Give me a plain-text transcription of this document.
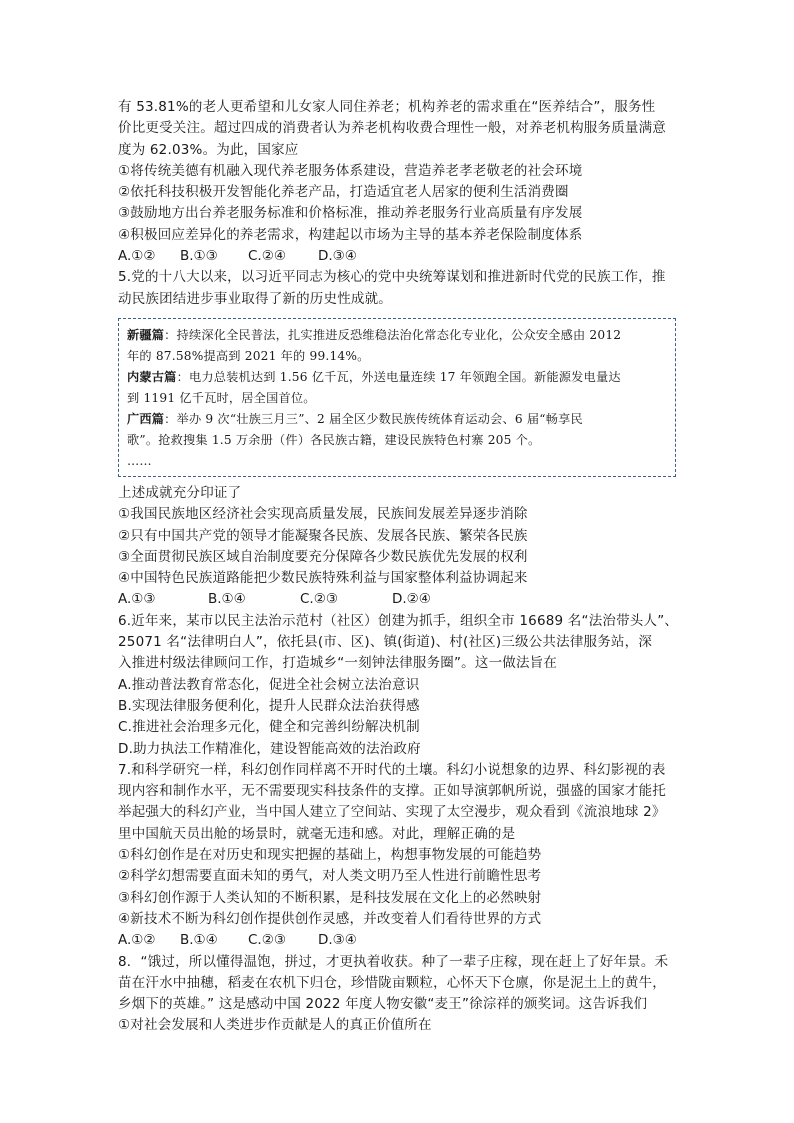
有 53.81%的老人更希望和儿女家人同住养老；机构养老的需求重在“医养结合”，服务性
价比更受关注。超过四成的消费者认为养老机构收费合理性一般，对养老机构服务质量满意
度为 62.03%。为此，国家应
①将传统美德有机融入现代养老服务体系建设，营造养老孝老敬老的社会环境
②依托科技积极开发智能化养老产品，打造适宜老人居家的便利生活消费圈
③鼓励地方出台养老服务标准和价格标准，推动养老服务行业高质量有序发展
④积极回应差异化的养老需求，构建起以市场为主导的基本养老保险制度体系
A.①②	B.①③	C.②④	D.③④
5.党的十八大以来，以习近平同志为核心的党中央统筹谋划和推进新时代党的民族工作，推
动民族团结进步事业取得了新的历史性成就。
新疆篇：持续深化全民普法，扎实推进反恐维稳法治化常态化专业化，公众安全感由 2012
年的 87.58%提高到 2021 年的 99.14%。
内蒙古篇：电力总装机达到 1.56 亿千瓦，外送电量连续 17 年领跑全国。新能源发电量达
到 1191 亿千瓦时，居全国首位。
广西篇：举办 9 次“壮族三月三”、2 届全区少数民族传统体育运动会、6 届“畅享民
歌”。抢救搜集 1.5 万余册（件）各民族古籍，建设民族特色村寨 205 个。
……
上述成就充分印证了
①我国民族地区经济社会实现高质量发展，民族间发展差异逐步消除
②只有中国共产党的领导才能凝聚各民族、发展各民族、繁荣各民族
③全面贯彻民族区域自治制度要充分保障各少数民族优先发展的权利
④中国特色民族道路能把少数民族特殊利益与国家整体利益协调起来
A.①③	B.①④	C.②③	D.②④
6.近年来，某市以民主法治示范村（社区）创建为抓手，组织全市 16689 名“法治带头人”、
25071 名“法律明白人”，依托县(市、区)、镇(街道)、村(社区)三级公共法律服务站，深
入推进村级法律顾问工作，打造城乡“一刻钟法律服务圈”。这一做法旨在
A.推动普法教育常态化，促进全社会树立法治意识
B.实现法律服务便利化，提升人民群众法治获得感
C.推进社会治理多元化，健全和完善纠纷解决机制
D.助力执法工作精准化，建设智能高效的法治政府
7.和科学研究一样，科幻创作同样离不开时代的土壤。科幻小说想象的边界、科幻影视的表
现内容和制作水平，无不需要现实科技条件的支撑。正如导演郭帆所说，强盛的国家才能托
举起强大的科幻产业，当中国人建立了空间站、实现了太空漫步，观众看到《流浪地球 2》
里中国航天员出舱的场景时，就毫无违和感。对此，理解正确的是
①科幻创作是在对历史和现实把握的基础上，构想事物发展的可能趋势
②科学幻想需要直面未知的勇气，对人类文明乃至人性进行前瞻性思考
③科幻创作源于人类认知的不断积累，是科技发展在文化上的必然映射
④新技术不断为科幻创作提供创作灵感，并改变着人们看待世界的方式
A.①②	B.①④	C.②③	D.③④
8．“饿过，所以懂得温饱，拼过，才更执着收获。种了一辈子庄稼，现在赶上了好年景。禾
苗在汗水中抽穗，稻麦在农机下归仓，珍惜陇亩颗粒，心怀天下仓廪，你是泥土上的黄牛，
乡烟下的英雄。” 这是感动中国 2022 年度人物安徽“麦王”徐淙祥的颁奖词。这告诉我们
①对社会发展和人类进步作贡献是人的真正价值所在
